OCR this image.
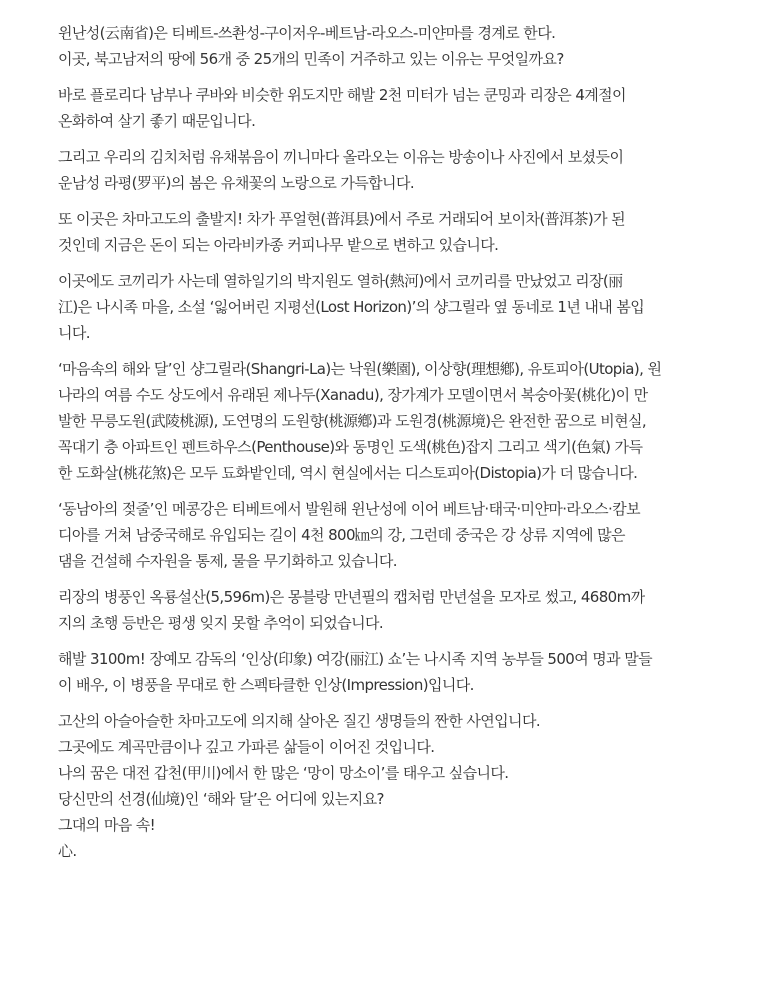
윈난성(云南省)은 티베트-쓰촨성-구이저우-베트남-라오스-미얀마를 경계로 한다.
이곳, 북고남저의 땅에 56개 중 25개의 민족이 거주하고 있는 이유는 무엇일까요?

바로 플로리다 남부나 쿠바와 비슷한 위도지만 해발 2천 미터가 넘는 쿤밍과 리장은 4계절이
온화하여 살기 좋기 때문입니다.

그리고 우리의 김치처럼 유채볶음이 끼니마다 올라오는 이유는 방송이나 사진에서 보셨듯이
운남성 라평(罗平)의 봄은 유채꽃의 노랑으로 가득합니다.

또 이곳은 차마고도의 출발지! 차가 푸얼현(普洱县)에서 주로 거래되어 보이차(普洱茶)가 된
것인데 지금은 돈이 되는 아라비카종 커피나무 밭으로 변하고 있습니다.

이곳에도 코끼리가 사는데 열하일기의 박지원도 열하(熱河)에서 코끼리를 만났었고 리장(丽
江)은 나시족 마을, 소설 ‘잃어버린 지평선(Lost Horizon)’의 샹그릴라 옆 동네로 1년 내내 봄입
니다.

‘마음속의 해와 달’인 샹그릴라(Shangri-La)는 낙원(樂園), 이상향(理想鄕), 유토피아(Utopia), 원
나라의 여름 수도 상도에서 유래된 제나두(Xanadu), 장가계가 모델이면서 복숭아꽃(桃化)이 만
발한 무릉도원(武陵桃源), 도연명의 도원향(桃源鄕)과 도원경(桃源境)은 완전한 꿈으로 비현실,
꼭대기 층 아파트인 펜트하우스(Penthouse)와 동명인 도색(桃色)잡지 그리고 색기(色氣) 가득
한 도화살(桃花煞)은 모두 됴화밭인데, 역시 현실에서는 디스토피아(Distopia)가 더 많습니다.

‘동남아의 젖줄’인 메콩강은 티베트에서 발원해 윈난성에 이어 베트남·태국·미얀마·라오스·캄보
디아를 거쳐 남중국해로 유입되는 길이 4천 800㎞의 강, 그런데 중국은 강 상류 지역에 많은
댐을 건설해 수자원을 통제, 물을 무기화하고 있습니다.

리장의 병풍인 옥룡설산(5,596m)은 몽블랑 만년필의 캡처럼 만년설을 모자로 썼고, 4680m까
지의 초행 등반은 평생 잊지 못할 추억이 되었습니다.

해발 3100m! 장예모 감독의 ‘인상(印象) 여강(丽江) 쇼’는 나시족 지역 농부들 500여 명과 말들
이 배우, 이 병풍을 무대로 한 스펙타클한 인상(Impression)입니다.

고산의 아슬아슬한 차마고도에 의지해 살아온 질긴 생명들의 짠한 사연입니다.
그곳에도 계곡만큼이나 깊고 가파른 삶들이 이어진 것입니다.
나의 꿈은 대전 갑천(甲川)에서 한 많은 ‘망이 망소이’를 태우고 싶습니다.
당신만의 선경(仙境)인 ‘해와 달’은 어디에 있는지요?
그대의 마음 속!
心.
